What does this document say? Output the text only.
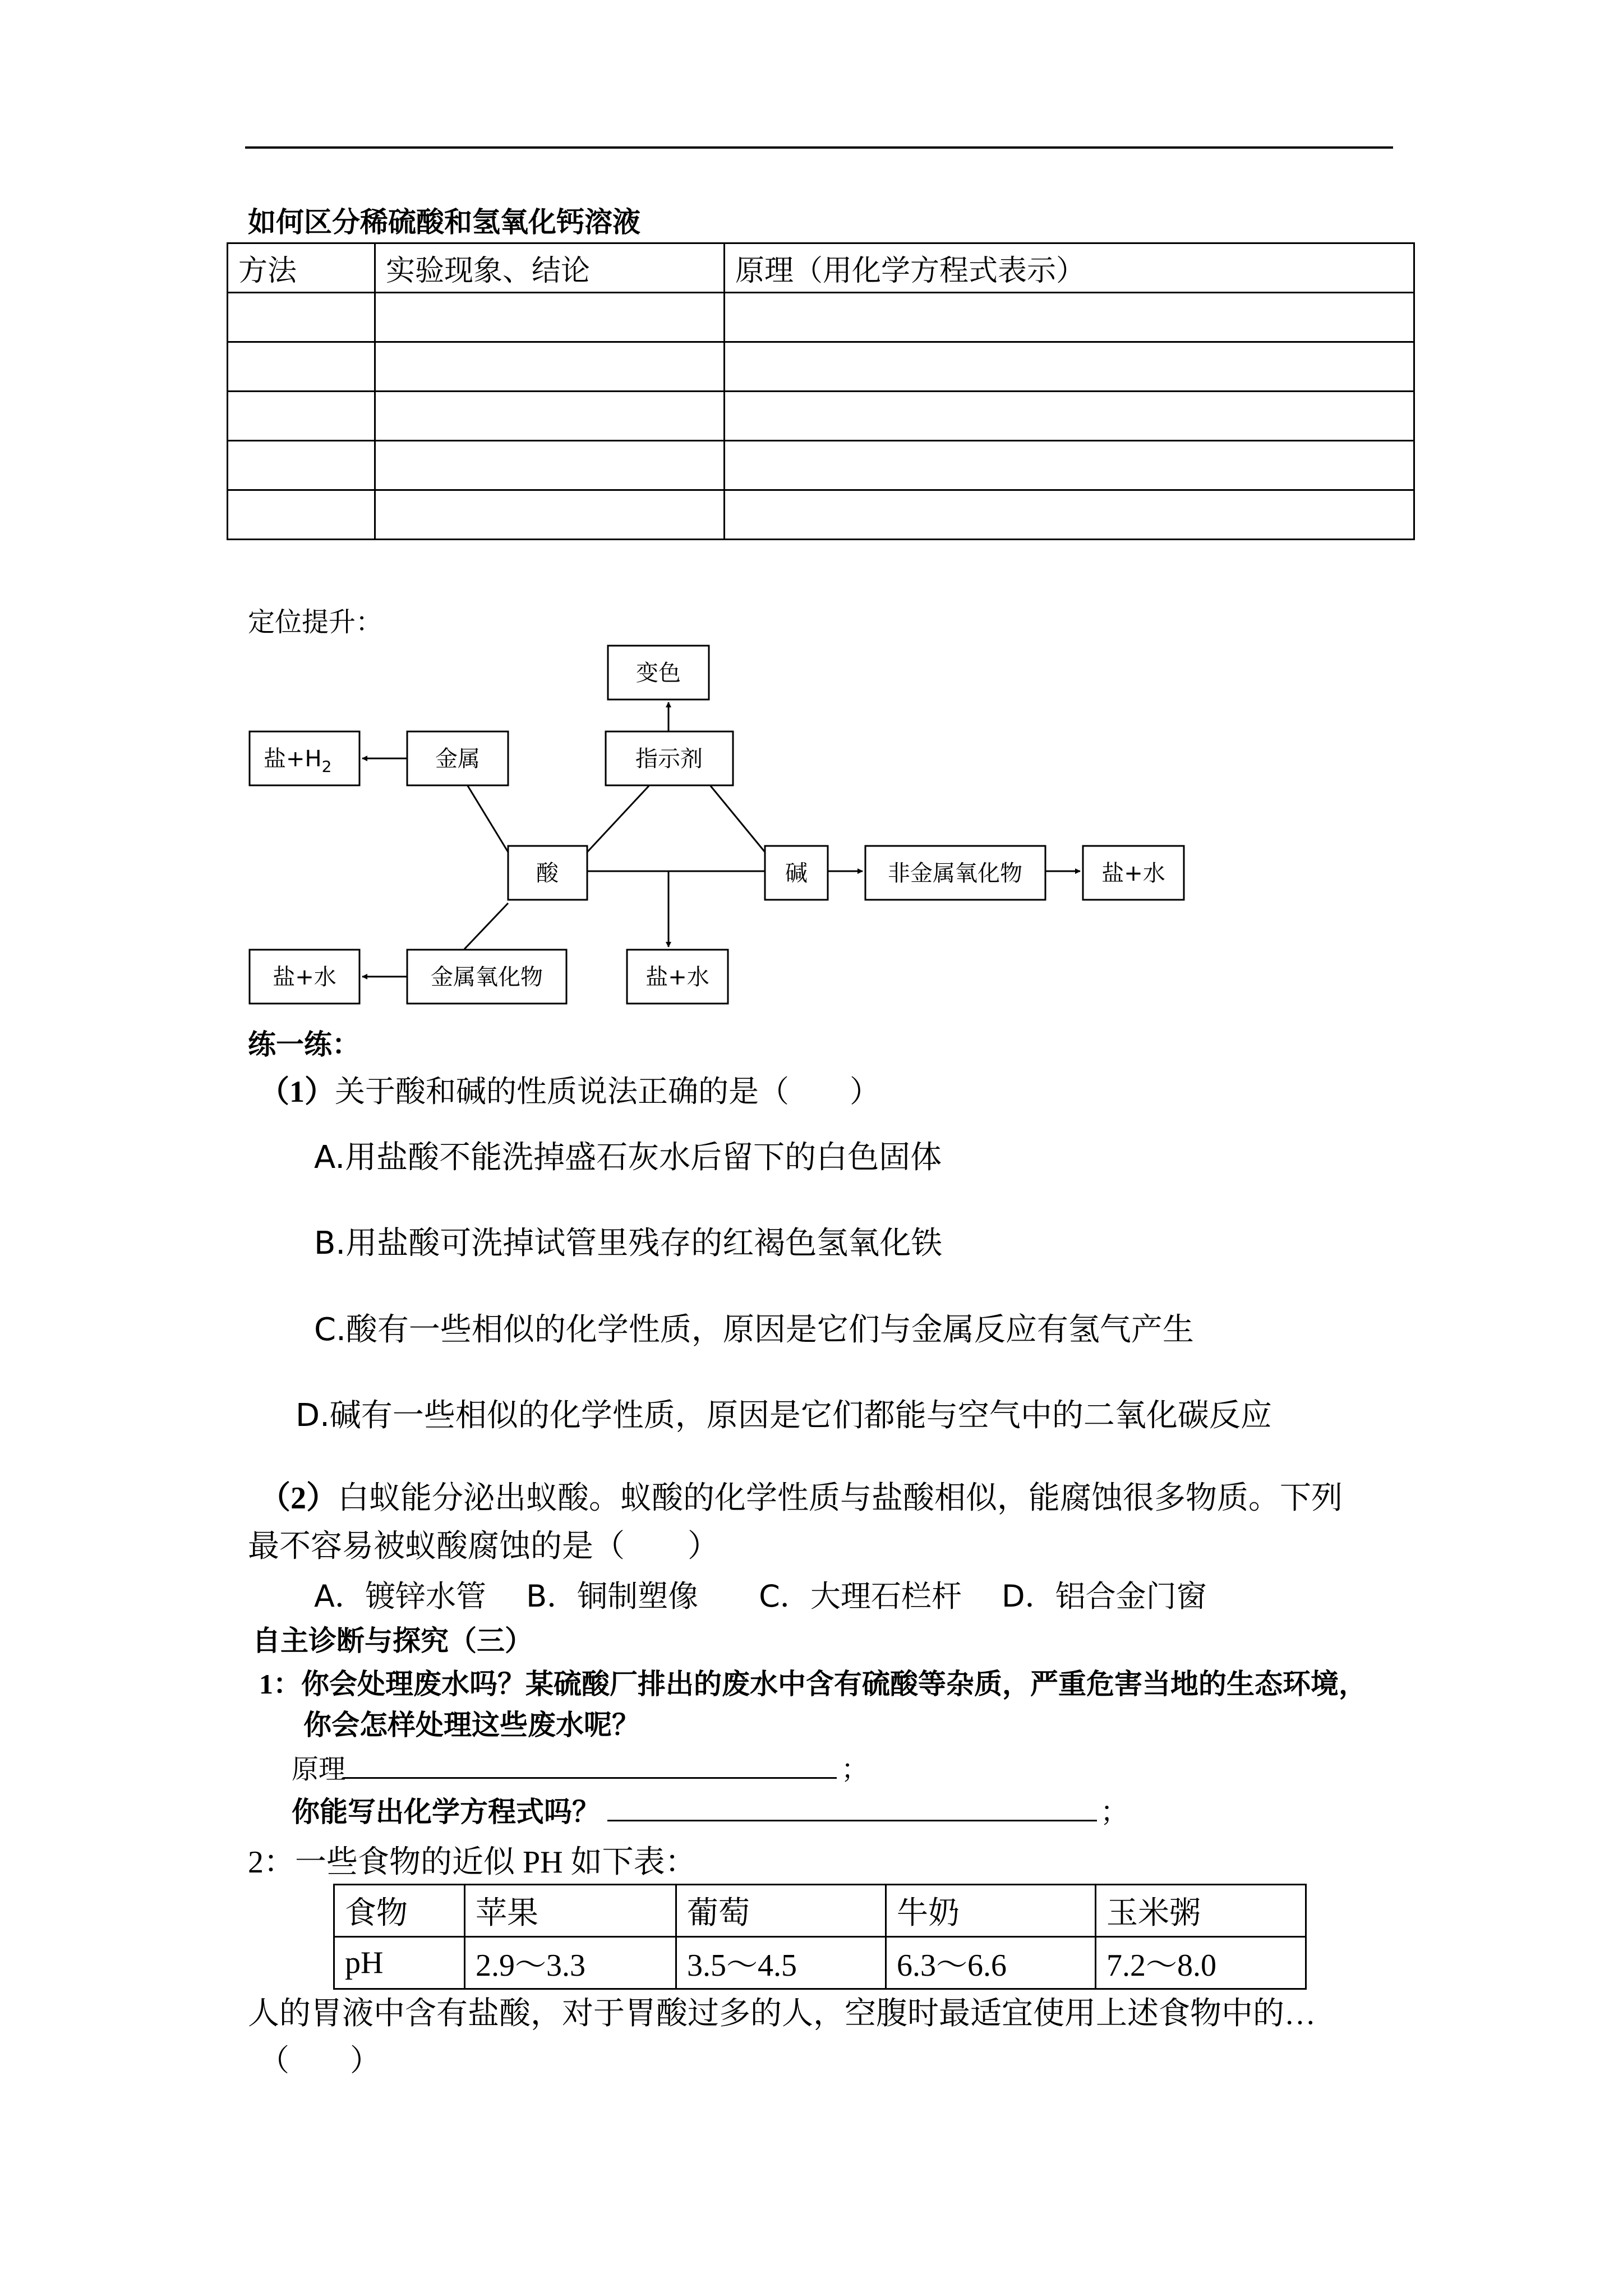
如何区分稀硫酸和氢氧化钙溶液
方法	实验现象、结论	原理（用化学方程式表示）

定位提升：
变色
盐$+H_2$	金属	指示剂
酸	碱	非金属氧化物	盐+水
盐+水	金属氧化物	盐+水
练一练：
（1）关于酸和碱的性质说法正确的是（　　）
A.用盐酸不能洗掉盛石灰水后留下的白色固体
B.用盐酸可洗掉试管里残存的红褐色氢氧化铁
C.酸有一些相似的化学性质，原因是它们与金属反应有氢气产生
D.碱有一些相似的化学性质，原因是它们都能与空气中的二氧化碳反应
（2）白蚁能分泌出蚁酸。蚁酸的化学性质与盐酸相似，能腐蚀很多物质。下列
最不容易被蚁酸腐蚀的是（　　）
A．镀锌水管　 B．铜制塑像　　C．大理石栏杆　 D．铝合金门窗
自主诊断与探究（三）
1：你会处理废水吗？某硫酸厂排出的废水中含有硫酸等杂质，严重危害当地的生态环境，
你会怎样处理这些废水呢？
原理	；
你能写出化学方程式吗？	；
2：一些食物的近似 PH 如下表：
食物	苹果	葡萄	牛奶	玉米粥
pH	2.9～3.3	3.5～4.5	6.3～6.6	7.2～8.0
人的胃液中含有盐酸，对于胃酸过多的人，空腹时最适宜使用上述食物中的…
（　　）
